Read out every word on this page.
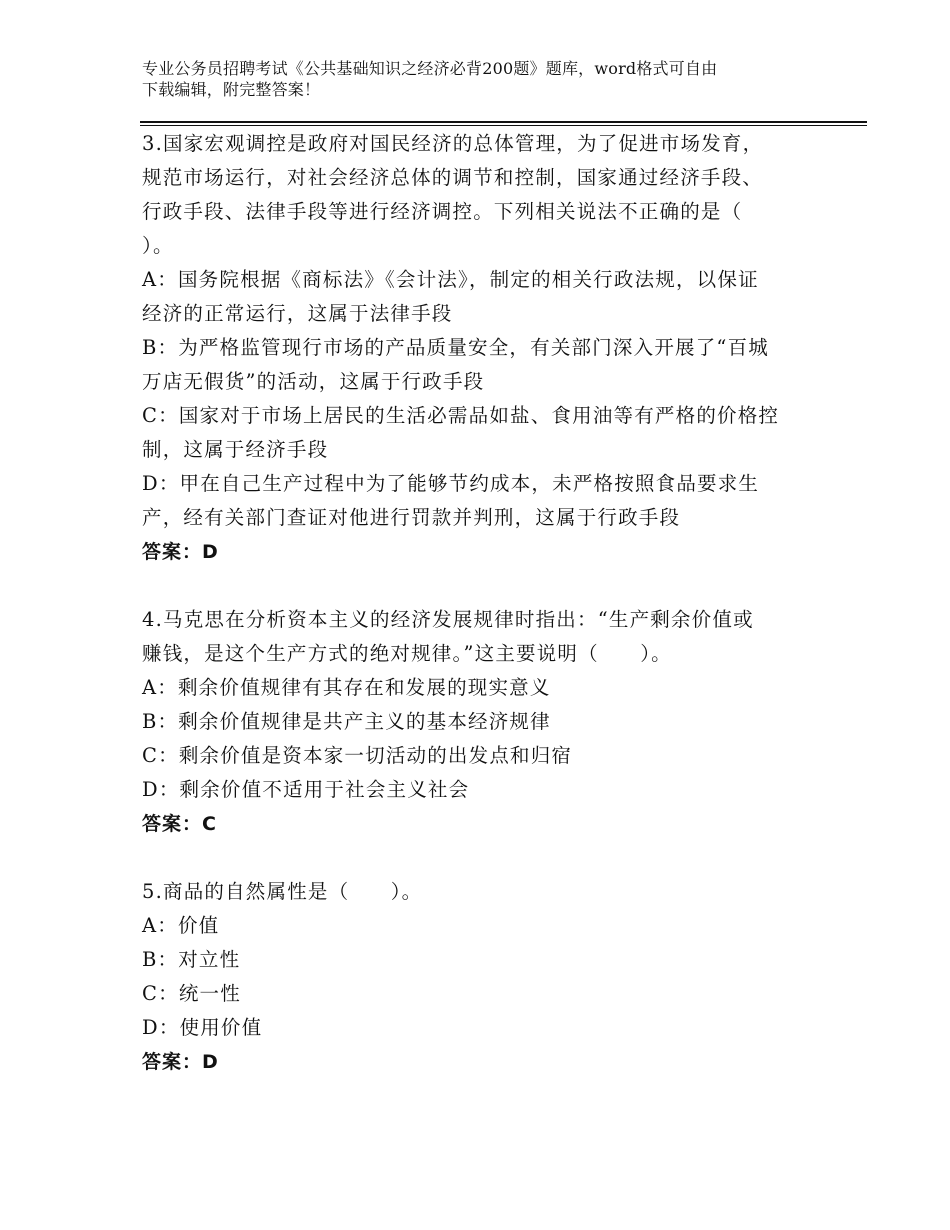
专业公务员招聘考试《公共基础知识之经济必背200题》题库，word格式可自由
下载编辑，附完整答案！
3.国家宏观调控是政府对国民经济的总体管理，为了促进市场发育，
规范市场运行，对社会经济总体的调节和控制，国家通过经济手段、
行政手段、法律手段等进行经济调控。下列相关说法不正确的是（
）。
A：国务院根据《商标法》《会计法》，制定的相关行政法规，以保证
经济的正常运行，这属于法律手段
B：为严格监管现行市场的产品质量安全，有关部门深入开展了“百城
万店无假货”的活动，这属于行政手段
C：国家对于市场上居民的生活必需品如盐、食用油等有严格的价格控
制，这属于经济手段
D：甲在自己生产过程中为了能够节约成本，未严格按照食品要求生
产，经有关部门查证对他进行罚款并判刑，这属于行政手段
答案：D
4.马克思在分析资本主义的经济发展规律时指出：“生产剩余价值或
赚钱，是这个生产方式的绝对规律。”这主要说明（　　）。
A：剩余价值规律有其存在和发展的现实意义
B：剩余价值规律是共产主义的基本经济规律
C：剩余价值是资本家一切活动的出发点和归宿
D：剩余价值不适用于社会主义社会
答案：C
5.商品的自然属性是（　　）。
A：价值
B：对立性
C：统一性
D：使用价值
答案：D
